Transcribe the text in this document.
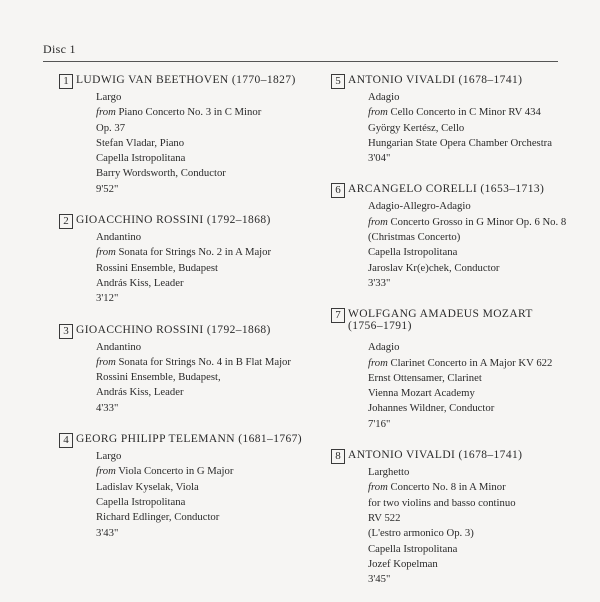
Disc 1
1 LUDWIG VAN BEETHOVEN (1770–1827)
Largo
from Piano Concerto No. 3 in C Minor
Op. 37
Stefan Vladar, Piano
Capella Istropolitana
Barry Wordsworth, Conductor
9'52"
2 GIOACCHINO ROSSINI (1792–1868)
Andantino
from Sonata for Strings No. 2 in A Major
Rossini Ensemble, Budapest
András Kiss, Leader
3'12"
3 GIOACCHINO ROSSINI (1792–1868)
Andantino
from Sonata for Strings No. 4 in B Flat Major
Rossini Ensemble, Budapest,
András Kiss, Leader
4'33"
4 GEORG PHILIPP TELEMANN (1681–1767)
Largo
from Viola Concerto in G Major
Ladislav Kyselak, Viola
Capella Istropolitana
Richard Edlinger, Conductor
3'43"
5 ANTONIO VIVALDI (1678–1741)
Adagio
from Cello Concerto in C Minor RV 434
György Kertész, Cello
Hungarian State Opera Chamber Orchestra
3'04"
6 ARCANGELO CORELLI (1653–1713)
Adagio-Allegro-Adagio
from Concerto Grosso in G Minor Op. 6 No. 8
(Christmas Concerto)
Capella Istropolitana
Jaroslav Kr(e)chek, Conductor
3'33"
7 WOLFGANG AMADEUS MOZART
(1756–1791)
Adagio
from Clarinet Concerto in A Major KV 622
Ernst Ottensamer, Clarinet
Vienna Mozart Academy
Johannes Wildner, Conductor
7'16"
8 ANTONIO VIVALDI (1678–1741)
Larghetto
from Concerto No. 8 in A Minor
for two violins and basso continuo
RV 522
(L'estro armonico Op. 3)
Capella Istropolitana
Jozef Kopelman
3'45"
